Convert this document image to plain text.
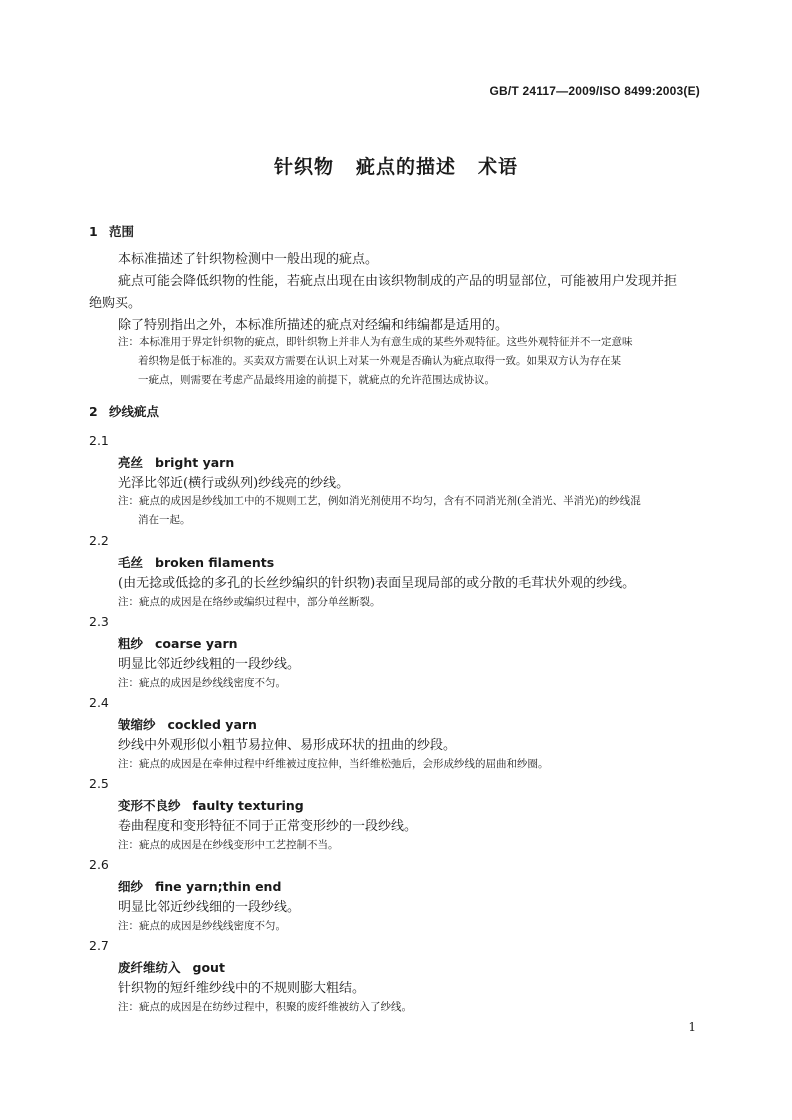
GB/T 24117—2009/ISO 8499:2003(E)
针织物 疵点的描述 术语
1 范围
本标准描述了针织物检测中一般出现的疵点。
疵点可能会降低织物的性能，若疵点出现在由该织物制成的产品的明显部位，可能被用户发现并拒
绝购买。
除了特别指出之外，本标准所描述的疵点对经编和纬编都是适用的。
注：本标准用于界定针织物的疵点，即针织物上并非人为有意生成的某些外观特征。这些外观特征并不一定意味
着织物是低于标准的。买卖双方需要在认识上对某一外观是否确认为疵点取得一致。如果双方认为存在某
一疵点，则需要在考虑产品最终用途的前提下，就疵点的允许范围达成协议。
2 纱线疵点
2.1
亮丝 bright yarn
光泽比邻近(横行或纵列)纱线亮的纱线。
注：疵点的成因是纱线加工中的不规则工艺，例如消光剂使用不均匀，含有不同消光剂(全消光、半消光)的纱线混
消在一起。
2.2
毛丝 broken filaments
(由无捻或低捻的多孔的长丝纱编织的针织物)表面呈现局部的或分散的毛茸状外观的纱线。
注：疵点的成因是在络纱或编织过程中，部分单丝断裂。
2.3
粗纱 coarse yarn
明显比邻近纱线粗的一段纱线。
注：疵点的成因是纱线线密度不匀。
2.4
皱缩纱 cockled yarn
纱线中外观形似小粗节易拉伸、易形成环状的扭曲的纱段。
注：疵点的成因是在牵伸过程中纤维被过度拉伸，当纤维松弛后，会形成纱线的屈曲和纱圈。
2.5
变形不良纱 faulty texturing
卷曲程度和变形特征不同于正常变形纱的一段纱线。
注：疵点的成因是在纱线变形中工艺控制不当。
2.6
细纱 fine yarn;thin end
明显比邻近纱线细的一段纱线。
注：疵点的成因是纱线线密度不匀。
2.7
废纤维纺入 gout
针织物的短纤维纱线中的不规则膨大粗结。
注：疵点的成因是在纺纱过程中，积聚的废纤维被纺入了纱线。
1
